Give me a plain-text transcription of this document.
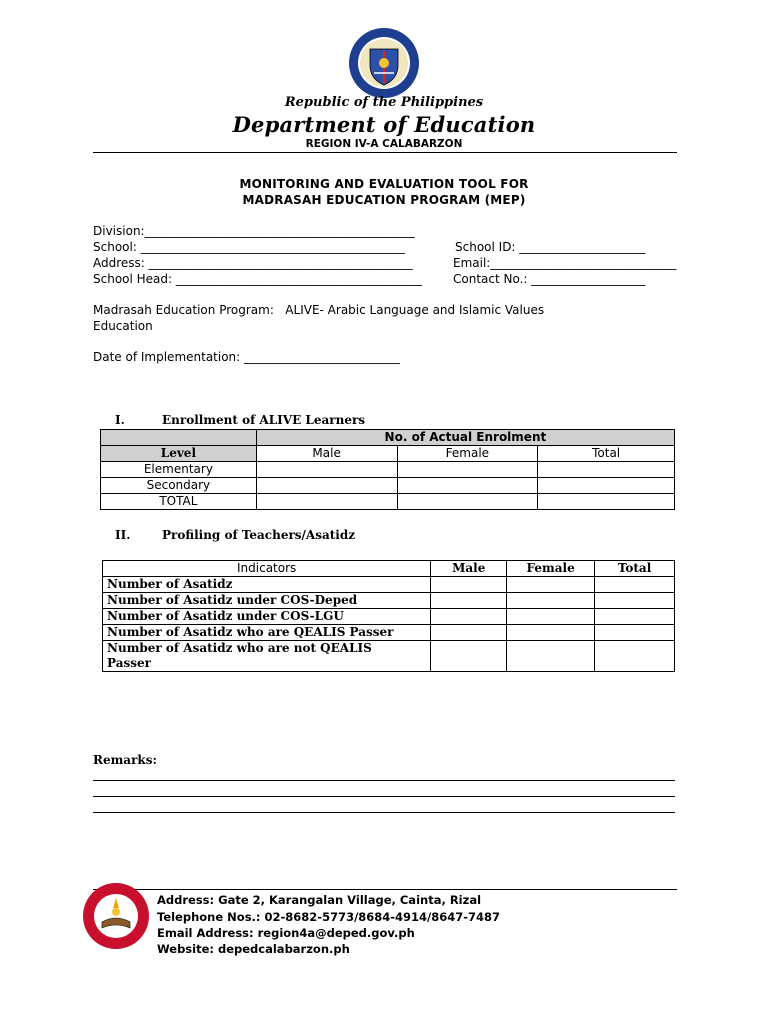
Republic of the Philippines
Department of Education
REGION IV-A CALABARZON
MONITORING AND EVALUATION TOOL FOR
MADRASAH EDUCATION PROGRAM (MEP)
Division:_____________________________________________
School: ____________________________________________	School ID: _____________________
Address: ____________________________________________	Email:_______________________________
School Head: _________________________________________	Contact No.: ___________________
Madrasah Education Program:   ALIVE- Arabic Language and Islamic Values
Education
Date of Implementation: __________________________
I.	Enrollment of ALIVE Learners
	No. of Actual Enrolment		
Level	Male	Female	Total
Elementary			
Secondary			
TOTAL			
II.	Profiling of Teachers/Asatidz
Indicators	Male	Female	Total
Number of Asatidz			
Number of Asatidz under COS-Deped			
Number of Asatidz under COS-LGU			
Number of Asatidz who are QEALIS Passer			
Number of Asatidz who are not QEALIS
Passer			
Remarks:
Address: Gate 2, Karangalan Village, Cainta, Rizal
Telephone Nos.: 02-8682-5773/8684-4914/8647-7487
Email Address: region4a@deped.gov.ph
Website: depedcalabarzon.ph
